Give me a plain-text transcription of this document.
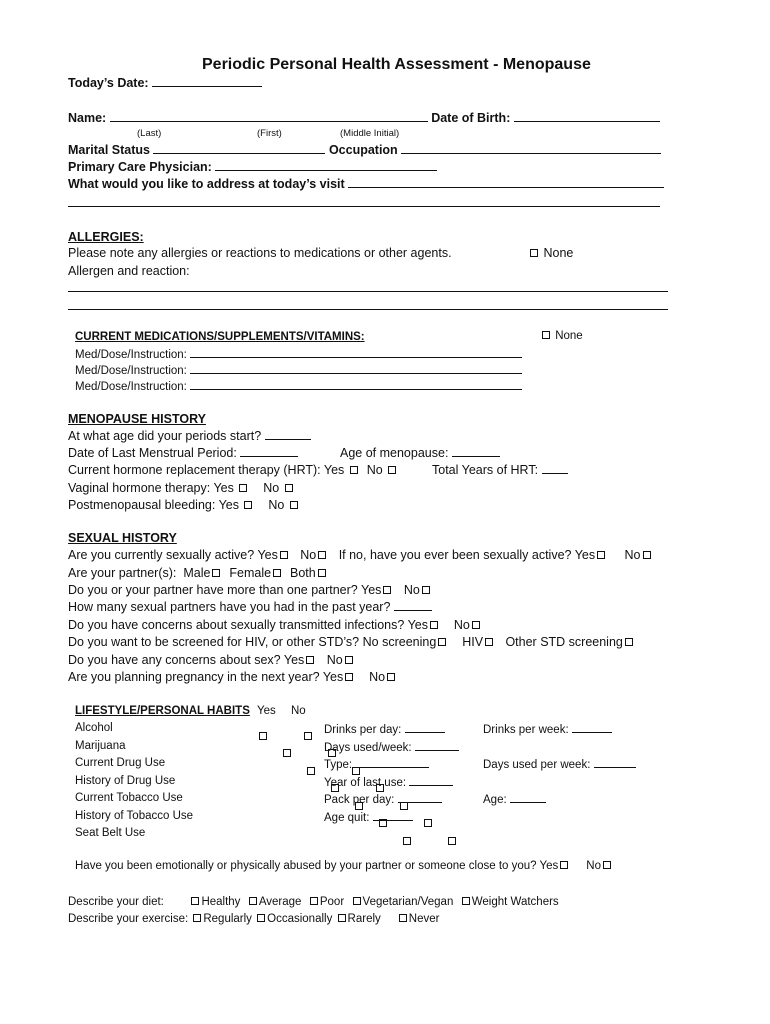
Periodic Personal Health Assessment - Menopause
Today’s Date:
Name:	Date of Birth:
(Last)	(First)	(Middle Initial)
Marital Status	Occupation
Primary Care Physician:
What would you like to address at today’s visit
ALLERGIES:
Please note any allergies or reactions to medications or other agents.	None
Allergen and reaction:
CURRENT MEDICATIONS/SUPPLEMENTS/VITAMINS:	None
Med/Dose/Instruction:
Med/Dose/Instruction:
Med/Dose/Instruction:
MENOPAUSE HISTORY
At what age did your periods start?
Date of Last Menstrual Period:	Age of menopause:
Current hormone replacement therapy (HRT): Yes No	Total Years of HRT:
Vaginal hormone therapy: Yes No
Postmenopausal bleeding: Yes No
SEXUAL HISTORY
Are you currently sexually active? Yes No If no, have you ever been sexually active? Yes No
Are your partner(s): Male Female Both
Do you or your partner have more than one partner? Yes No
How many sexual partners have you had in the past year?
Do you have concerns about sexually transmitted infections? Yes No
Do you want to be screened for HIV, or other STD’s? No screening HIV Other STD screening
Do you have any concerns about sex? Yes No
Are you planning pregnancy in the next year? Yes No
LIFESTYLE/PERSONAL HABITS Yes No
Alcohol	Drinks per day:	Drinks per week:
Marijuana	Days used/week:
Current Drug Use	Type:	Days used per week:
History of Drug Use	Year of last use:
Current Tobacco Use	Pack per day:	Age:
History of Tobacco Use	Age quit:
Seat Belt Use
Have you been emotionally or physically abused by your partner or someone close to you? Yes No
Describe your diet:	Healthy Average Poor Vegetarian/Vegan Weight Watchers
Describe your exercise: Regularly Occasionally Rarely Never
